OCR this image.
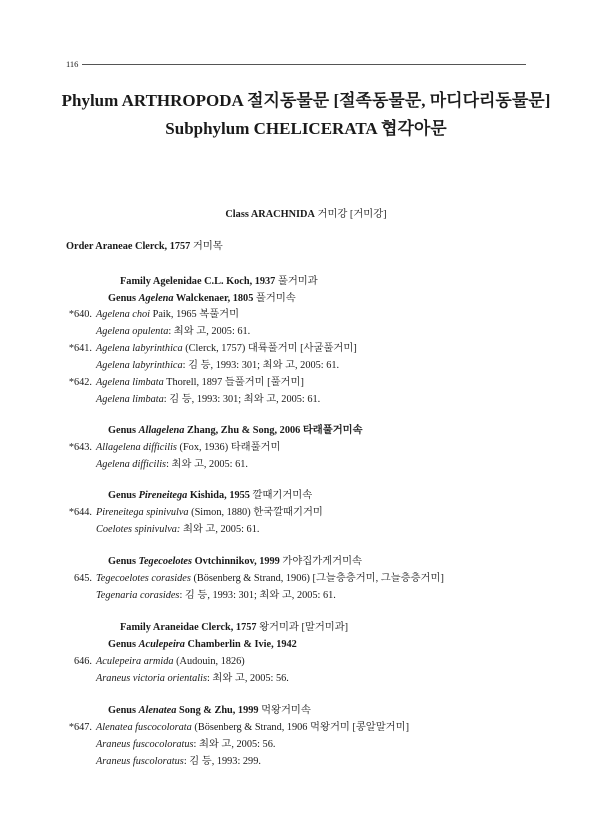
116
Phylum ARTHROPODA 절지동물문 [절족동물문, 마디다리동물문]
Subphylum CHELICERATA 협각아문
Class ARACHNIDA 거미강 [거미강]
Order Araneae Clerck, 1757 거미목
Family Agelenidae C.L. Koch, 1937 풀거미과
Genus Agelena Walckenaer, 1805 풀거미속
*640. Agelena choi Paik, 1965 복풀거미
Agelena opulenta: 최와 고, 2005: 61.
*641. Agelena labyrinthica (Clerck, 1757) 대륙풀거미 [사굴풀거미]
Agelena labyrinthica: 김 등, 1993: 301; 최와 고, 2005: 61.
*642. Agelena limbata Thorell, 1897 들풀거미 [풀거미]
Agelena limbata: 김 등, 1993: 301; 최와 고, 2005: 61.
Genus Allagelena Zhang, Zhu & Song, 2006 타래풀거미속
*643. Allagelena difficilis (Fox, 1936) 타래풀거미
Agelena difficilis: 최와 고, 2005: 61.
Genus Pireneitega Kishida, 1955 깔때기거미속
*644. Pireneitega spinivulva (Simon, 1880) 한국깔때기거미
Coelotes spinivulva: 최와 고, 2005: 61.
Genus Tegecoelotes Ovtchinnikov, 1999 가야집가게거미속
645. Tegecoelotes corasides (Bösenberg & Strand, 1906) [그늘층층거미, 그늘층층거미]
Tegenaria corasides: 김 등, 1993: 301; 최와 고, 2005: 61.
Family Araneidae Clerck, 1757 왕거미과 [말거미과]
Genus Aculepeira Chamberlin & Ivie, 1942
646. Aculepeira armida (Audouin, 1826)
Araneus victoria orientalis: 최와 고, 2005: 56.
Genus Alenatea Song & Zhu, 1999 먹왕거미속
*647. Alenatea fuscocolorata (Bösenberg & Strand, 1906 먹왕거미 [콩알말거미]
Araneus fuscocoloratus: 최와 고, 2005: 56.
Araneus fuscoloratus: 김 등, 1993: 299.
